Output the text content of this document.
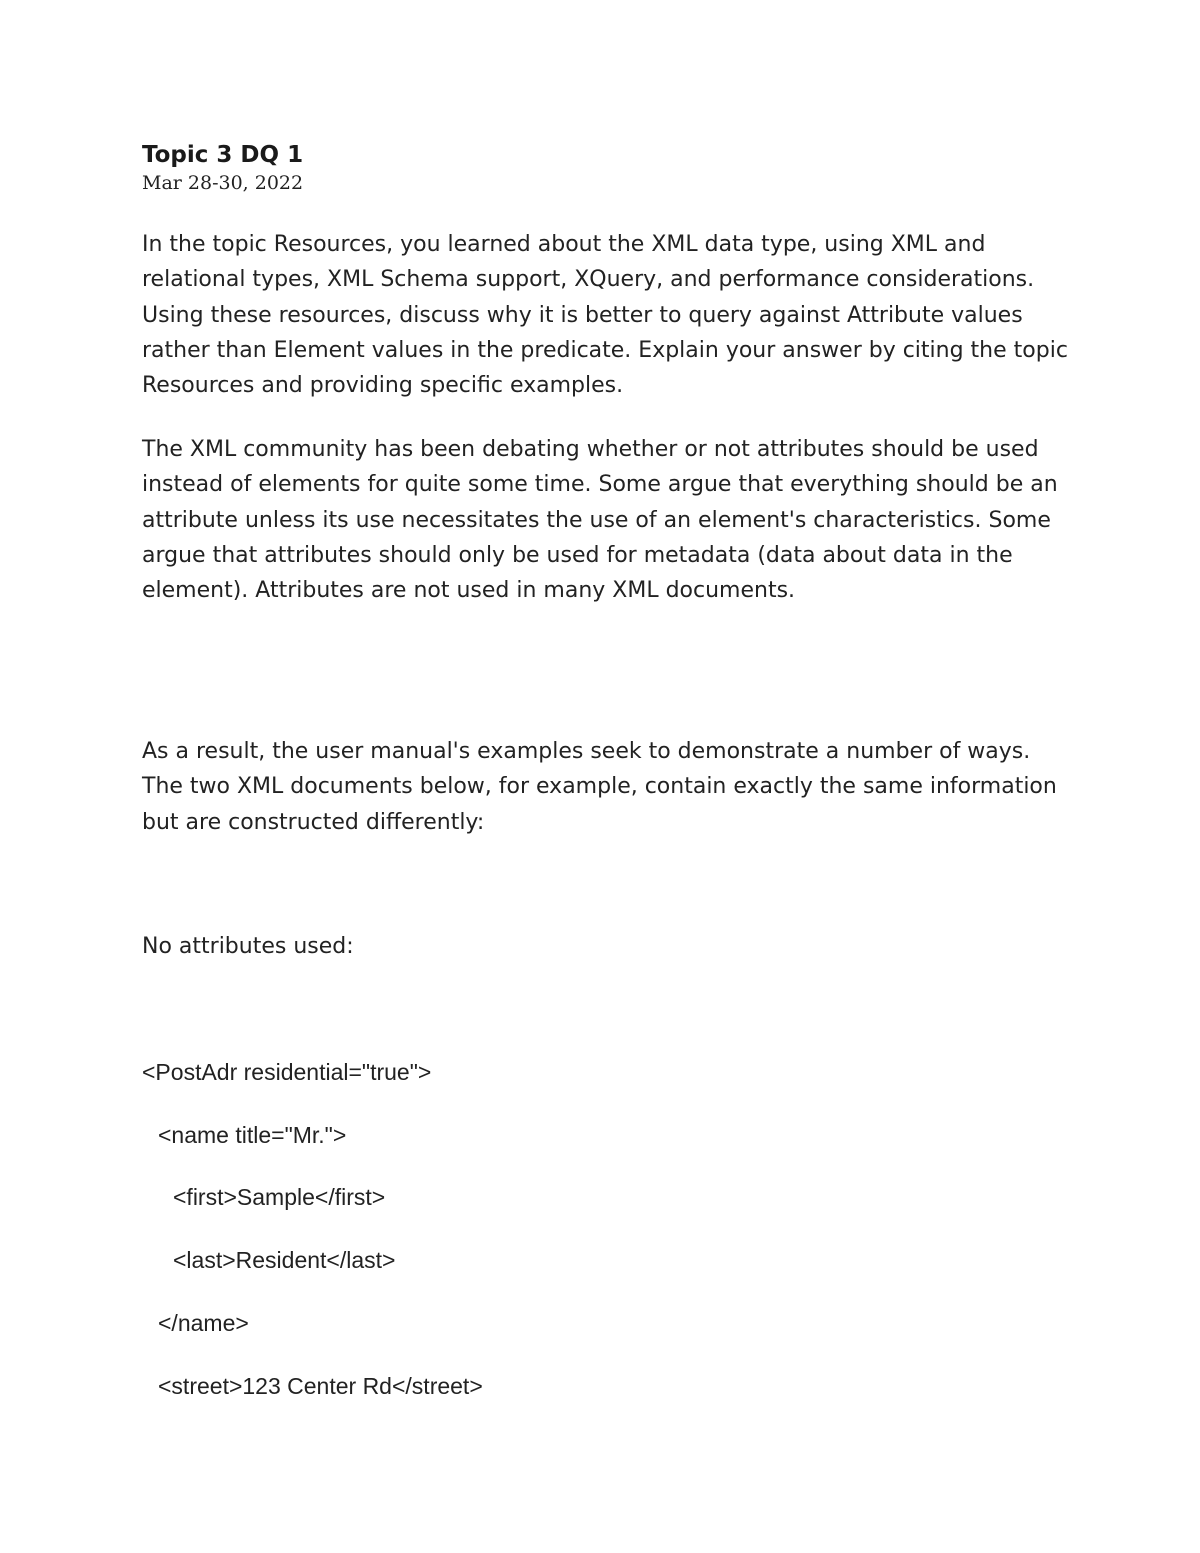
Topic 3 DQ 1
Mar 28-30, 2022

In the topic Resources, you learned about the XML data type, using XML and relational types, XML Schema support, XQuery, and performance considerations. Using these resources, discuss why it is better to query against Attribute values rather than Element values in the predicate. Explain your answer by citing the topic Resources and providing specific examples.

The XML community has been debating whether or not attributes should be used instead of elements for quite some time. Some argue that everything should be an attribute unless its use necessitates the use of an element's characteristics. Some argue that attributes should only be used for metadata (data about data in the element). Attributes are not used in many XML documents.

As a result, the user manual's examples seek to demonstrate a number of ways. The two XML documents below, for example, contain exactly the same information but are constructed differently:

No attributes used:

<PostAdr residential="true">
<name title="Mr.">
<first>Sample</first>
<last>Resident</last>
</name>
<street>123 Center Rd</street>
